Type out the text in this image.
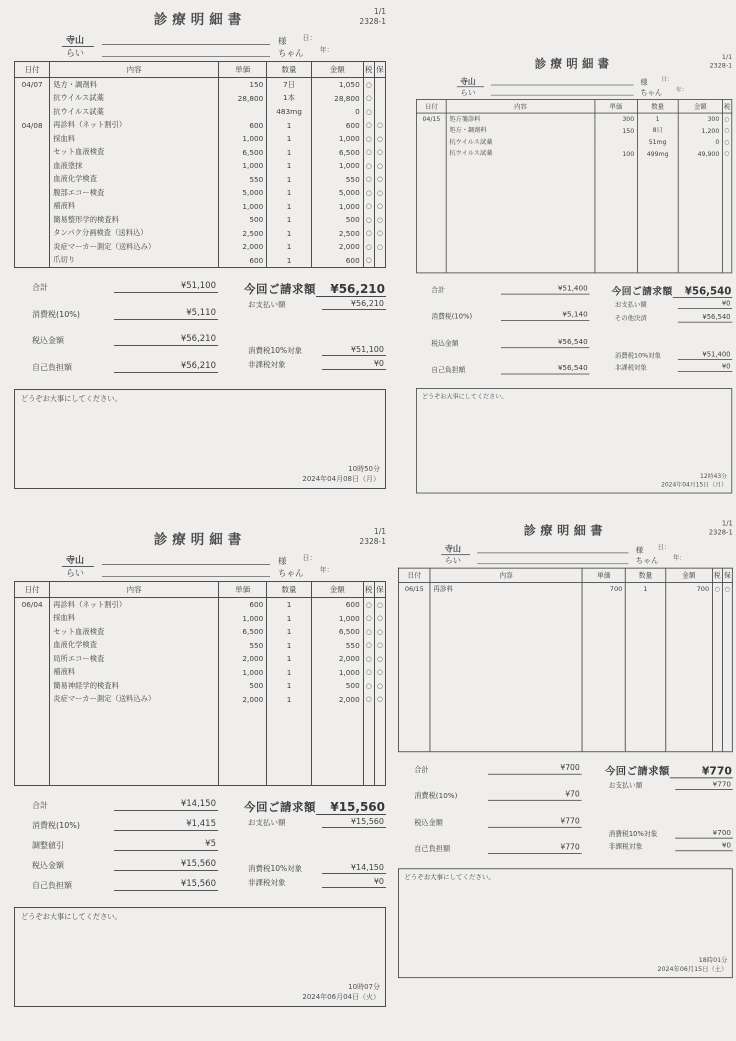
診療明細書
1/1
2328-1
寺山	様 日：
らい	ちゃん 年：
日付	内容	単価	数量	金額	税	保
04/07	処方・調剤料	150	7日	1,050	○	
	抗ウイルス試薬	28,800	1本	28,800	○	
	抗ウイルス試薬		483mg	0	○	
04/08	再診料（ネット割引）	600	1	600	○	○
	採血料	1,000	1	1,000	○	○
	セット血液検査	6,500	1	6,500	○	○
	血液塗抹	1,000	1	1,000	○	○
	血液化学検査	550	1	550	○	○
	腹部エコー検査	5,000	1	5,000	○	○
	補液料	1,000	1	1,000	○	○
	簡易整形学的検査料	500	1	500	○	○
	タンパク分画検査（送料込）	2,500	1	2,500	○	○
	炎症マーカー測定（送料込み）	2,000	1	2,000	○	○
	爪切り	600	1	600	○	

合計	¥51,100
消費税(10%)	¥5,110
税込金額	¥56,210
自己負担額	¥56,210
今回ご請求額	¥56,210
お支払い額	¥56,210
消費税10%対象	¥51,100
非課税対象	¥0
どうぞお大事にしてください。
10時50分
2024年04月08日（月）
診療明細書
1/1
2328-1
寺山	様 日：
らい	ちゃん 年：
日付	内容	単価	数量	金額	税
04/15	処方箋診料	300	1	300	○
	処方・調剤料	150	8日	1,200	○
	抗ウイルス試薬		51mg	0	○
	抗ウイルス試薬	100	499mg	49,900	○

合計	¥51,400
消費税(10%)	¥5,140
税込金額	¥56,540
自己負担額	¥56,540
今回ご請求額	¥56,540
お支払い額	¥0
その他決済	¥56,540
消費税10%対象	¥51,400
非課税対象	¥0
どうぞお大事にしてください。
12時43分
2024年04月15日（月）
診療明細書
1/1
2328-1
寺山	様 日：
らい	ちゃん 年：
日付	内容	単価	数量	金額	税	保
06/04	再診料（ネット割引）	600	1	600	○	○
	採血料	1,000	1	1,000	○	○
	セット血液検査	6,500	1	6,500	○	○
	血液化学検査	550	1	550	○	○
	局所エコー検査	2,000	1	2,000	○	○
	補液料	1,000	1	1,000	○	○
	簡易神経学的検査料	500	1	500	○	○
	炎症マーカー測定（送料込み）	2,000	1	2,000	○	○

合計	¥14,150
消費税(10%)	¥1,415
調整値引	¥5
税込金額	¥15,560
自己負担額	¥15,560
今回ご請求額	¥15,560
お支払い額	¥15,560
消費税10%対象	¥14,150
非課税対象	¥0
どうぞお大事にしてください。
10時07分
2024年06月04日（火）
診療明細書
1/1
2328-1
寺山	様 日：
らい	ちゃん 年：
日付	内容	単価	数量	金額	税	保
06/15	再診料	700	1	700	○	○

合計	¥700
消費税(10%)	¥70
税込金額	¥770
自己負担額	¥770
今回ご請求額	¥770
お支払い額	¥770
消費税10%対象	¥700
非課税対象	¥0
どうぞお大事にしてください。
18時01分
2024年06月15日（土）
